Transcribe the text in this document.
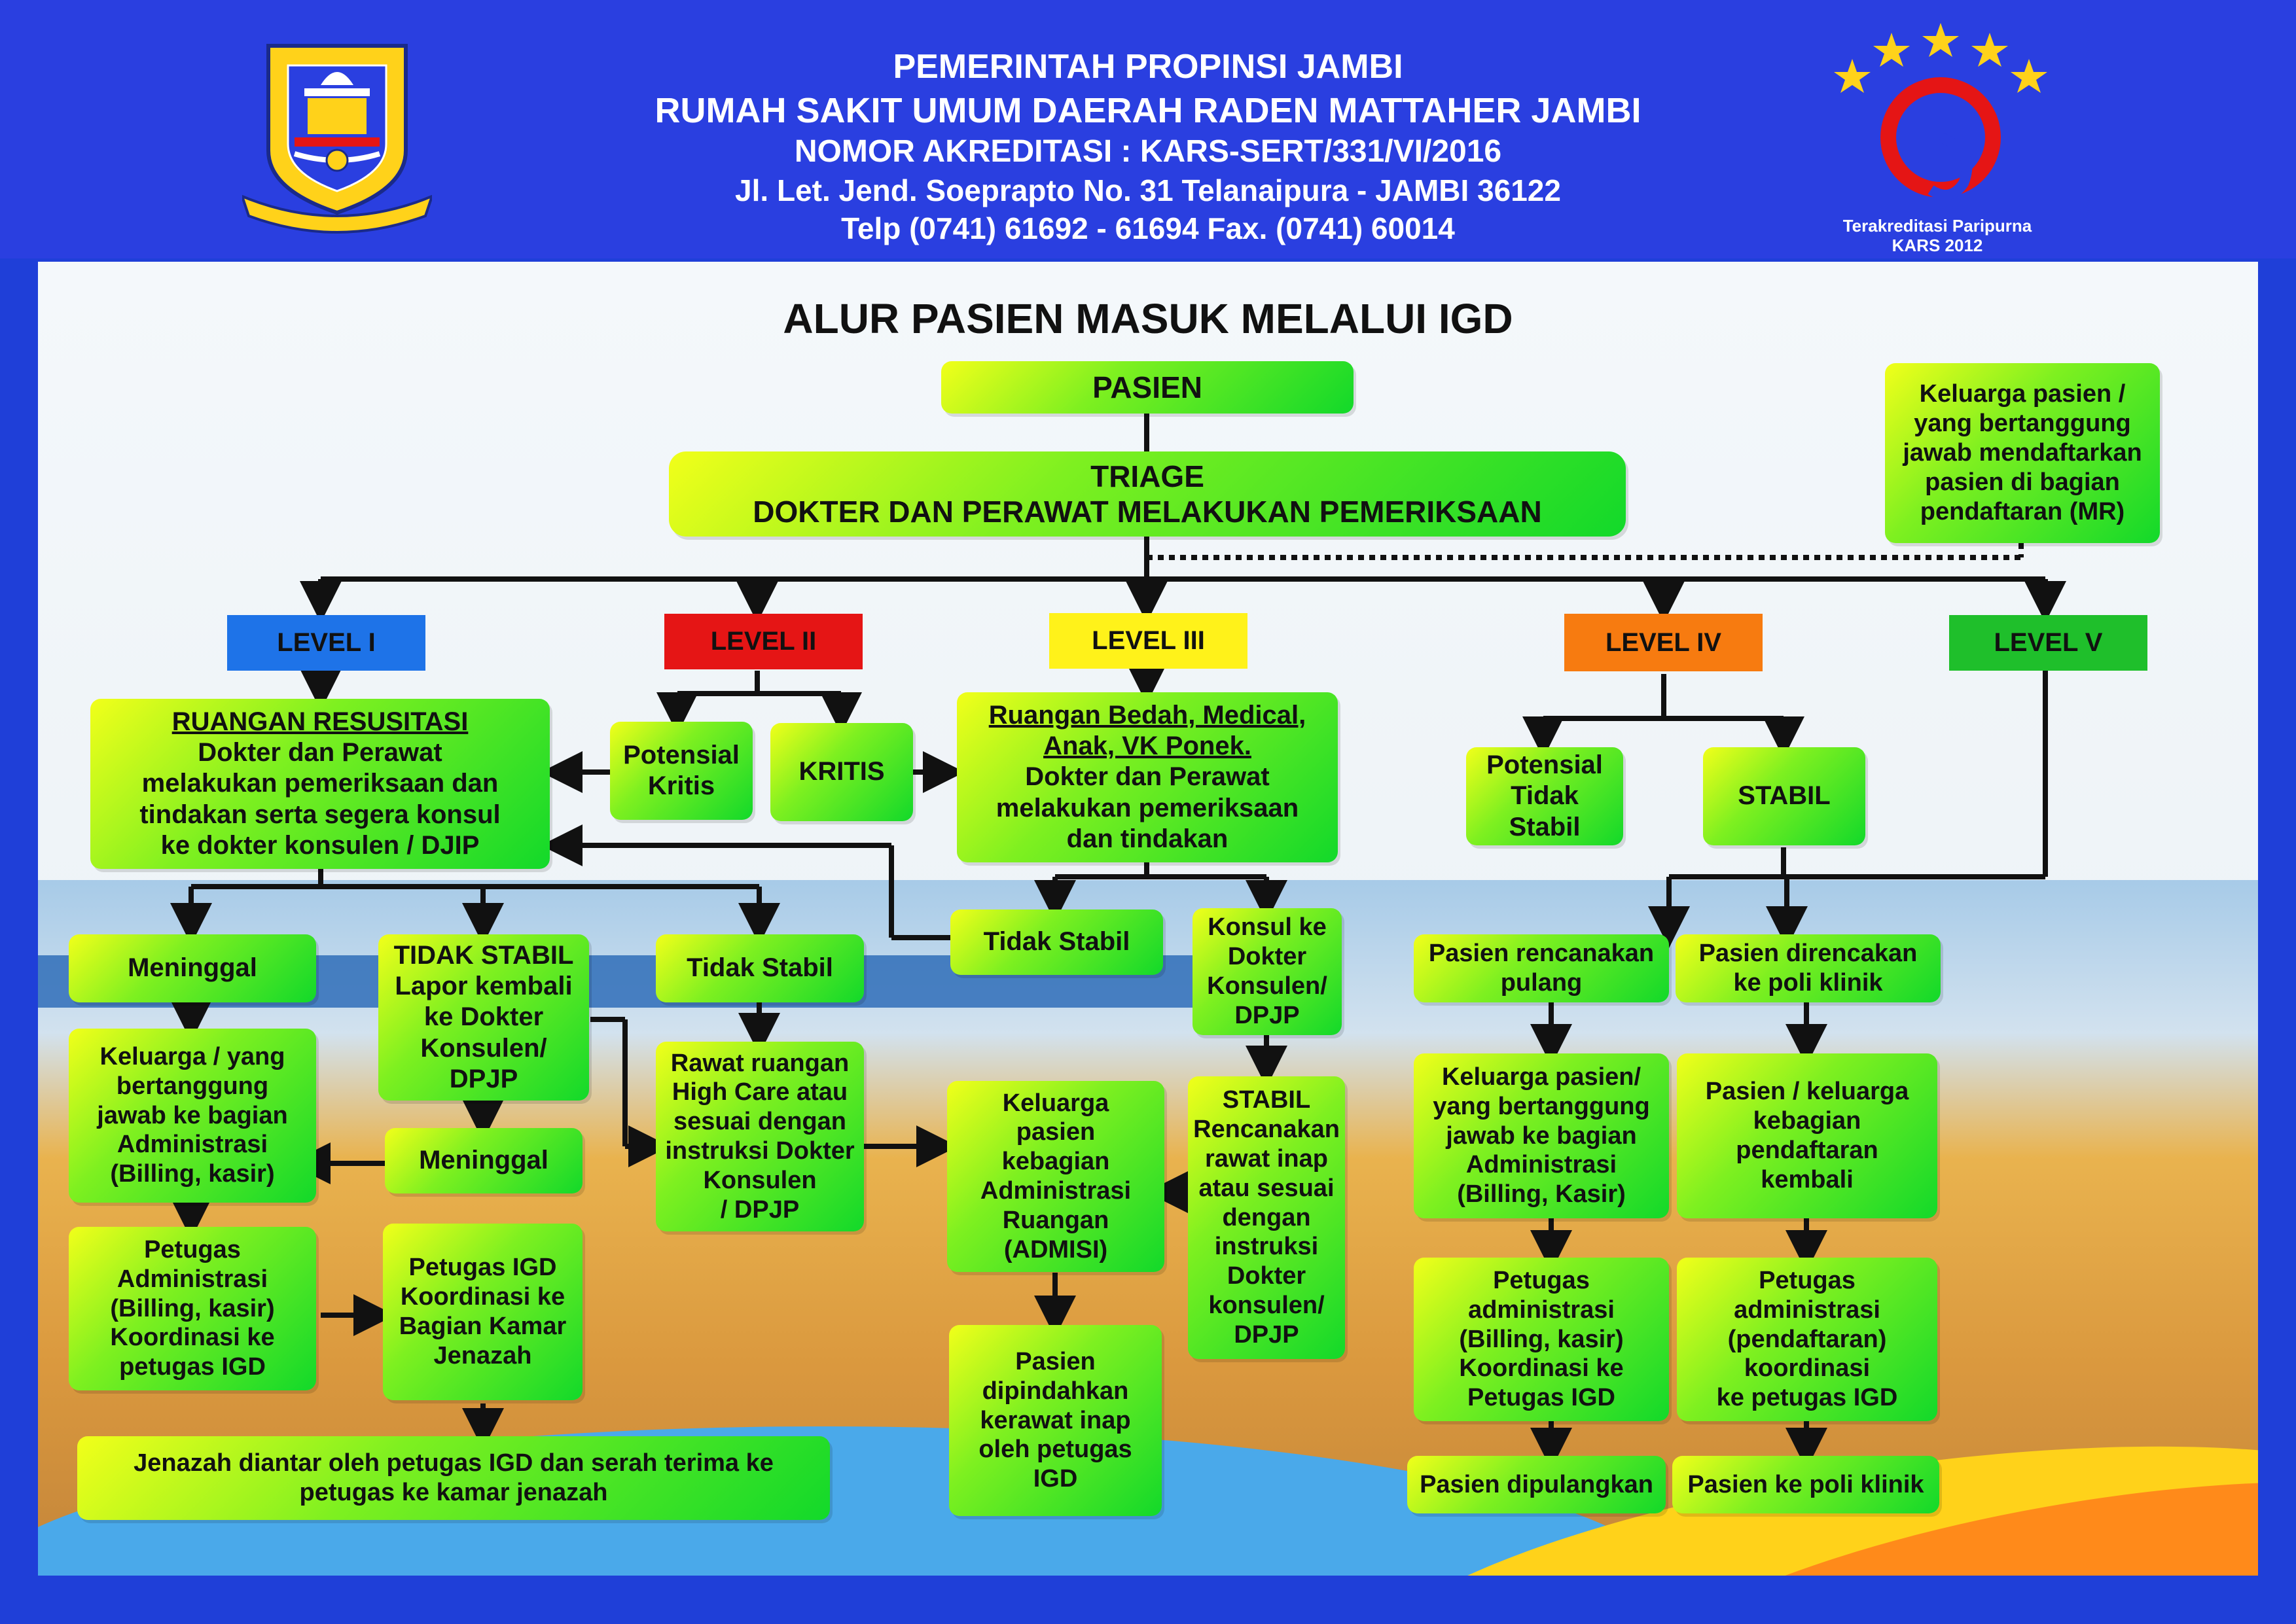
PEMERINTAH PROPINSI JAMBI
RUMAH SAKIT UMUM DAERAH RADEN MATTAHER JAMBI
NOMOR AKREDITASI : KARS-SERT/331/VI/2016
Jl. Let. Jend. Soeprapto No. 31 Telanaipura - JAMBI 36122
Telp (0741) 61692 - 61694 Fax. (0741) 60014	Terakreditasi Paripurna
KARS 2012
ALUR PASIEN MASUK MELALUI IGD
PASIEN
TRIAGE
DOKTER DAN PERAWAT MELAKUKAN PEMERIKSAAN
Keluarga pasien /
yang bertanggung
jawab mendaftarkan
pasien di bagian
pendaftaran (MR)
LEVEL I	LEVEL II	LEVEL III	LEVEL IV	LEVEL V
RUANGAN RESUSITASI
Dokter dan Perawat
melakukan pemeriksaan dan
tindakan serta segera konsul
ke dokter konsulen / DJIP
Potensial
Kritis	KRITIS
Ruangan Bedah, Medical,
Anak, VK Ponek.
Dokter dan Perawat
melakukan pemeriksaan
dan tindakan
Potensial
Tidak Stabil
STABIL
Meninggal	TIDAK STABIL
Lapor kembali
ke Dokter
Konsulen/ DPJP
Tidak Stabil
Tidak Stabil
Konsul ke
Dokter
Konsulen/
DPJP
Pasien rencanakan
pulang
Pasien direncakan
ke poli klinik
Keluarga / yang
bertanggung
jawab ke bagian
Administrasi
(Billing, kasir)	Meninggal
Rawat ruangan
High Care atau
sesuai dengan
instruksi Dokter
Konsulen
/ DPJP
Keluarga
pasien
kebagian
Administrasi
Ruangan
(ADMISI)
STABIL
Rencanakan
rawat inap
atau sesuai
dengan
instruksi
Dokter
konsulen/
DPJP
Keluarga pasien/
yang bertanggung
jawab ke bagian
Administrasi
(Billing, Kasir)
Pasien / keluarga
kebagian
pendaftaran
kembali
Petugas
Administrasi
(Billing, kasir)
Koordinasi ke
petugas IGD
Petugas IGD
Koordinasi ke
Bagian Kamar
Jenazah	Pasien
dipindahkan
kerawat inap
oleh petugas
IGD
Petugas
administrasi
(Billing, kasir)
Koordinasi ke
Petugas IGD
Petugas
administrasi
(pendaftaran)
koordinasi
ke petugas IGD
Jenazah diantar oleh petugas IGD dan serah terima ke
petugas ke kamar jenazah	Pasien dipulangkan Pasien ke poli klinik
